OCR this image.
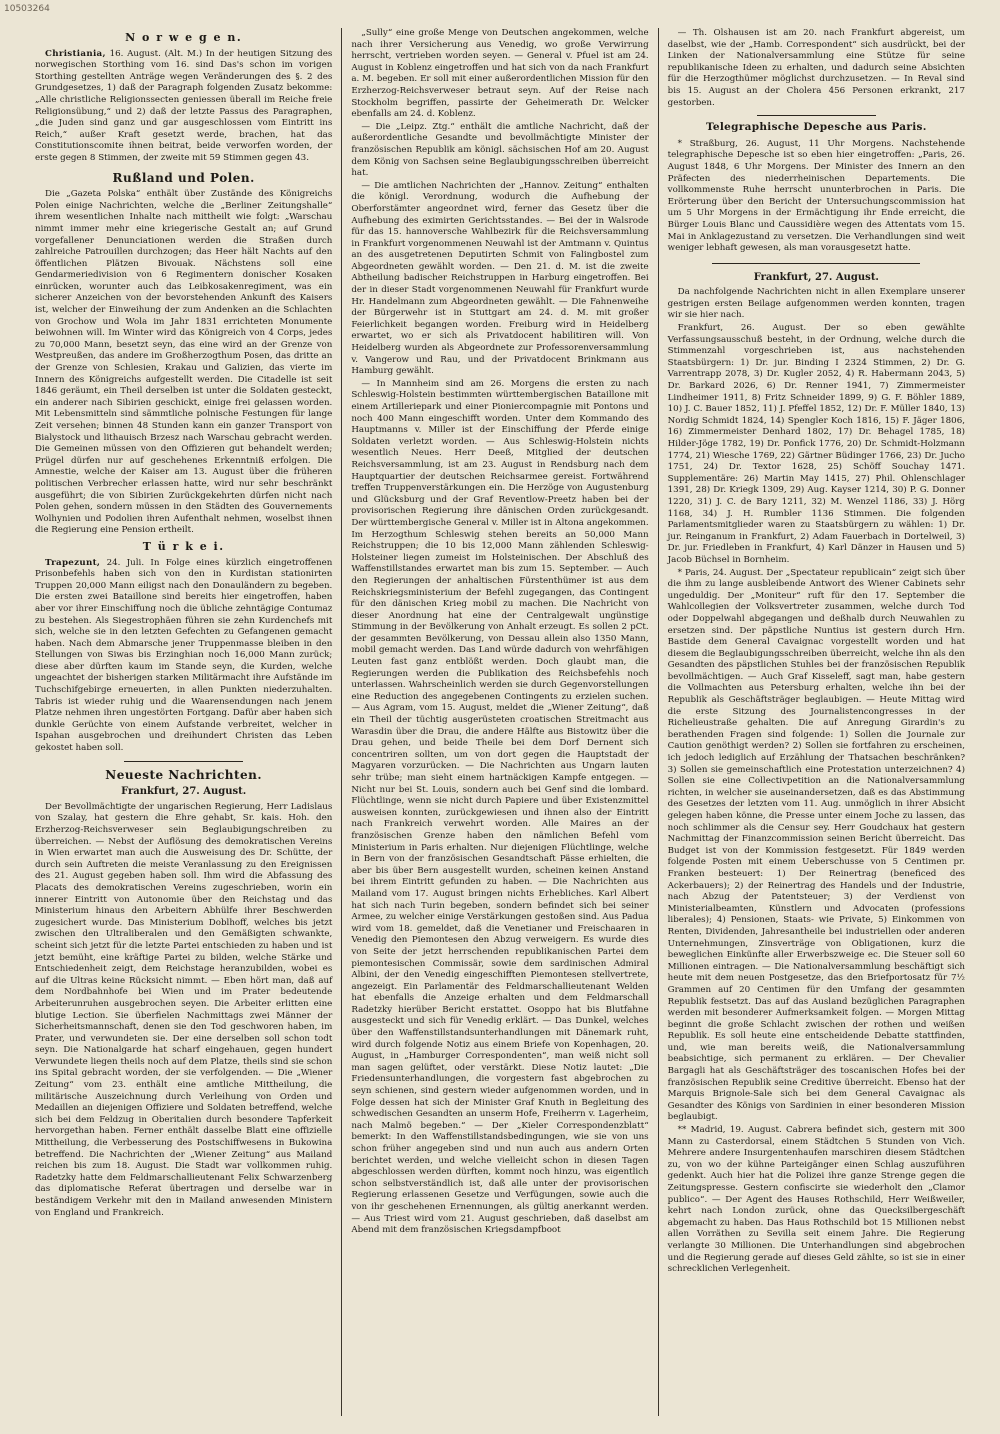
10503264
N o r w e g e n.

Christiania, 16. August. (Alt. M.) In der heutigen Sitzung des norwegischen Storthing vom 16. sind Das's schon im vorigen Storthing gestellten Anträge wegen Veränderungen des §. 2 des Grundgesetzes, 1) daß der Paragraph folgenden Zusatz bekomme: „Alle christliche Religionssecten geniessen überall im Reiche freie Religionsübung,“ und 2) daß der letzte Passus des Paragraphen, „die Juden sind ganz und gar ausgeschlossen vom Eintritt ins Reich,“ außer Kraft gesetzt werde, brachen, hat das Constitutionscomite ihnen beitrat, beide verworfen worden, der erste gegen 8 Stimmen, der zweite mit 59 Stimmen gegen 43.

Rußland und Polen.

Die „Gazeta Polska“ enthält über Zustände des Königreichs Polen einige Nachrichten, welche die „Berliner Zeitungshalle“ ihrem wesentlichen Inhalte nach mittheilt wie folgt: „Warschau nimmt immer mehr eine kriegerische Gestalt an; auf Grund vorgefallener Denunciationen werden die Straßen durch zahlreiche Patrouillen durchzogen; das Heer hält Nachts auf den öffentlichen Plätzen Bivouak. Nächstens soll eine Gendarmeriedivision von 6 Regimentern donischer Kosaken einrücken, worunter auch das Leibkosakenregiment, was ein sicherer Anzeichen von der bevorstehenden Ankunft des Kaisers ist, welcher der Einweihung der zum Andenken an die Schlachten von Grochow und Wola im Jahr 1831 errichteten Monumente beiwohnen will. Im Winter wird das Königreich von 4 Corps, jedes zu 70,000 Mann, besetzt seyn, das eine wird an der Grenze von Westpreußen, das andere im Großherzogthum Posen, das dritte an der Grenze von Schlesien, Krakau und Galizien, das vierte im Innern des Königreichs aufgestellt werden. Die Citadelle ist seit 1846 geräumt, ein Theil derselben ist unter die Soldaten gesteckt, ein anderer nach Sibirien geschickt, einige frei gelassen worden. Mit Lebensmitteln sind sämmtliche polnische Festungen für lange Zeit versehen; binnen 48 Stunden kann ein ganzer Transport von Bialystock und lithauisch Brzesz nach Warschau gebracht werden. Die Gemeinen müssen von den Offizieren gut behandelt werden; Prügel dürfen nur auf geschehenes Erkenntniß erfolgen. Die Amnestie, welche der Kaiser am 13. August über die früheren politischen Verbrecher erlassen hatte, wird nur sehr beschränkt ausgeführt; die von Sibirien Zurückgekehrten dürfen nicht nach Polen gehen, sondern müssen in den Städten des Gouvernements Wolhynien und Podolien ihren Aufenthalt nehmen, woselbst ihnen die Regierung eine Pension ertheilt.

T ü r k e i.

Trapezunt, 24. Juli. In Folge eines kürzlich eingetroffenen Prisonbefehls haben sich von den in Kurdistan stationirten Truppen 20,000 Mann eiligst nach den Donauländern zu begeben. Die ersten zwei Bataillone sind bereits hier eingetroffen, haben aber vor ihrer Einschiffung noch die übliche zehntägige Contumaz zu bestehen. Als Siegestrophäen führen sie zehn Kurdenchefs mit sich, welche sie in den letzten Gefechten zu Gefangenen gemacht haben. Nach dem Abmarsche jener Truppenmasse bleiben in den Stellungen von Siwas bis Erzinghian noch 16,000 Mann zurück; diese aber dürften kaum im Stande seyn, die Kurden, welche ungeachtet der bisherigen starken Militärmacht ihre Aufstände im Tuchschifgebirge erneuerten, in allen Punkten niederzuhalten. Tabris ist wieder ruhig und die Waarensendungen nach jenem Platze nehmen ihren ungestörten Fortgang. Dafür aber haben sich dunkle Gerüchte von einem Aufstande verbreitet, welcher in Ispahan ausgebrochen und dreihundert Christen das Leben gekostet haben soll.

Neueste Nachrichten.
Frankfurt, 27. August.

Der Bevollmächtigte der ungarischen Regierung, Herr Ladislaus von Szalay, hat gestern die Ehre gehabt, Sr. kais. Hoh. den Erzherzog-Reichsverweser sein Beglaubigungschreiben zu überreichen. — Nebst der Auflösung des demokratischen Vereins in Wien erwartet man auch die Ausweisung des Dr. Schütte, der durch sein Auftreten die meiste Veranlassung zu den Ereignissen des 21. August gegeben haben soll. Ihm wird die Abfassung des Placats des demokratischen Vereins zugeschrieben, worin ein innerer Eintritt von Autonomie über den Reichstag und das Ministerium hinaus den Arbeitern Abhülfe ihrer Beschwerden zugesichert wurde. Das Ministerium Doblhoff, welches bis jetzt zwischen den Ultraliberalen und den Gemäßigten schwankte, scheint sich jetzt für die letzte Partei entschieden zu haben und ist jetzt bemüht, eine kräftige Partei zu bilden, welche Stärke und Entschiedenheit zeigt, dem Reichstage heranzubilden, wobei es auf die Ultras keine Rücksicht nimmt. — Eben hört man, daß auf dem Nordbahnhofe bei Wien und im Prater bedeutende Arbeiterunruhen ausgebrochen seyen. Die Arbeiter erlitten eine blutige Lection. Sie überfielen Nachmittags zwei Männer der Sicherheitsmannschaft, denen sie den Tod geschworen haben, im Prater, und verwundeten sie. Der eine derselben soll schon todt seyn. Die Nationalgarde hat scharf eingehauen, gegen hundert Verwundete liegen theils noch auf dem Platze, theils sind sie schon ins Spital gebracht worden, der sie verfolgenden. — Die „Wiener Zeitung“ vom 23. enthält eine amtliche Mittheilung, die militärische Auszeichnung durch Verleihung von Orden und Medaillen an diejenigen Offiziere und Soldaten betreffend, welche sich bei dem Feldzug in Oberitalien durch besondere Tapferkeit hervorgethan haben. Ferner enthält dasselbe Blatt eine offizielle Mittheilung, die Verbesserung des Postschiffwesens in Bukowina betreffend. Die Nachrichten der „Wiener Zeitung“ aus Mailand reichen bis zum 18. August. Die Stadt war vollkommen ruhig. Radetzky hatte dem Feldmarschallieutenant Felix Schwarzenberg das diplomatische Referat übertragen und derselbe war in beständigem Verkehr mit den in Mailand anwesenden Ministern von England und Frankreich.

„Sully“ eine große Menge von Deutschen angekommen, welche nach ihrer Versicherung aus Venedig, wo große Verwirrung herrscht, vertrieben worden seyen. — General v. Pfuel ist am 24. August in Koblenz eingetroffen und hat sich von da nach Frankfurt a. M. begeben. Er soll mit einer außerordentlichen Mission für den Erzherzog-Reichsverweser betraut seyn. Auf der Reise nach Stockholm begriffen, passirte der Geheimerath Dr. Welcker ebenfalls am 24. d. Koblenz.

— Die „Leipz. Ztg.“ enthält die amtliche Nachricht, daß der außerordentliche Gesandte und bevollmächtigte Minister der französischen Republik am königl. sächsischen Hof am 20. August dem König von Sachsen seine Beglaubigungsschreiben überreicht hat.

— Die amtlichen Nachrichten der „Hannov. Zeitung“ enthalten die königl. Verordnung, wodurch die Aufhebung der Oberforstämter angeordnet wird, ferner das Gesetz über die Aufhebung des eximirten Gerichtsstandes. — Bei der in Walsrode für das 15. hannoversche Wahlbezirk für die Reichsversammlung in Frankfurt vorgenommenen Neuwahl ist der Amtmann v. Quintus an des ausgetretenen Deputirten Schmit von Falingbostel zum Abgeordneten gewählt worden. — Den 21. d. M. ist die zweite Abtheilung badischer Reichstruppen in Harburg eingetroffen. Bei der in dieser Stadt vorgenommenen Neuwahl für Frankfurt wurde Hr. Handelmann zum Abgeordneten gewählt. — Die Fahnenweihe der Bürgerwehr ist in Stuttgart am 24. d. M. mit großer Feierlichkeit begangen worden. Freiburg wird in Heidelberg erwartet, wo er sich als Privatdocent habilitiren will. Von Heidelberg wurden als Abgeordnete zur Professorenversammlung v. Vangerow und Rau, und der Privatdocent Brinkmann aus Hamburg gewählt.

— In Mannheim sind am 26. Morgens die ersten zu nach Schleswig-Holstein bestimmten württembergischen Bataillone mit einem Artilleriepark und einer Pioniercompagnie mit Pontons und noch 400 Mann eingeschifft worden. Unter dem Kommando des Hauptmanns v. Miller ist der Einschiffung der Pferde einige Soldaten verletzt worden. — Aus Schleswig-Holstein nichts wesentlich Neues. Herr Deeß, Mitglied der deutschen Reichsversammlung, ist am 23. August in Rendsburg nach dem Hauptquartier der deutschen Reichsarmee gereist. Fortwährend treffen Truppenverstärkungen ein. Die Herzöge von Augustenburg und Glücksburg und der Graf Reventlow-Preetz haben bei der provisorischen Regierung ihre dänischen Orden zurückgesandt. Der württembergische General v. Miller ist in Altona angekommen. Im Herzogthum Schleswig stehen bereits an 50,000 Mann Reichstruppen; die 10 bis 12,000 Mann zählenden Schleswig-Holsteiner liegen zumeist im Holsteinischen. Der Abschluß des Waffenstillstandes erwartet man bis zum 15. September. — Auch den Regierungen der anhaltischen Fürstenthümer ist aus dem Reichskriegsministerium der Befehl zugegangen, das Contingent für den dänischen Krieg mobil zu machen. Die Nachricht von dieser Anordnung hat eine der Centralgewalt ungünstige Stimmung in der Bevölkerung von Anhalt erzeugt. Es sollen 2 pCt. der gesammten Bevölkerung, von Dessau allein also 1350 Mann, mobil gemacht werden. Das Land würde dadurch von wehrfähigen Leuten fast ganz entblößt werden. Doch glaubt man, die Regierungen werden die Publikation des Reichsbefehls noch unterlassen. Wahrscheinlich werden sie durch Gegenvorstellungen eine Reduction des angegebenen Contingents zu erzielen suchen. — Aus Agram, vom 15. August, meldet die „Wiener Zeitung“, daß ein Theil der tüchtig ausgerüsteten croatischen Streitmacht aus Warasdin über die Drau, die andere Hälfte aus Bistowitz über die Drau gehen, und beide Theile bei dem Dorf Dernent sich concentriren sollten, um von dort gegen die Hauptstadt der Magyaren vorzurücken. — Die Nachrichten aus Ungarn lauten sehr trübe; man sieht einem hartnäckigen Kampfe entgegen. — Nicht nur bei St. Louis, sondern auch bei Genf sind die lombard. Flüchtlinge, wenn sie nicht durch Papiere und über Existenzmittel ausweisen konnten, zurückgewiesen und ihnen also der Eintritt nach Frankreich verwehrt worden. Alle Maires an der französischen Grenze haben den nämlichen Befehl vom Ministerium in Paris erhalten. Nur diejenigen Flüchtlinge, welche in Bern von der französischen Gesandtschaft Pässe erhielten, die aber bis über Bern ausgestellt wurden, scheinen keinen Anstand bei ihrem Eintritt gefunden zu haben. — Die Nachrichten aus Mailand vom 17. August bringen nichts Erhebliches. Karl Albert hat sich nach Turin begeben, sondern befindet sich bei seiner Armee, zu welcher einige Verstärkungen gestoßen sind. Aus Padua wird vom 18. gemeldet, daß die Venetianer und Freischaaren in Venedig den Piemontesen den Abzug verweigern. Es wurde dies von Seite der jetzt herrschenden republikanischen Partei dem piemontesischen Commissär, sowie dem sardinischen Admiral Albini, der den Venedig eingeschifften Piemontesen stellvertrete, angezeigt. Ein Parlamentär des Feldmarschallieutenant Welden hat ebenfalls die Anzeige erhalten und dem Feldmarschall Radetzky hierüber Bericht erstattet. Osoppo hat bis Blutfahne ausgesteckt und sich für Venedig erklärt. — Das Dunkel, welches über den Waffenstillstandsunterhandlungen mit Dänemark ruht, wird durch folgende Notiz aus einem Briefe von Kopenhagen, 20. August, in „Hamburger Correspondenten“, man weiß nicht soll man sagen gelüftet, oder verstärkt. Diese Notiz lautet: „Die Friedensunterhandlungen, die vorgestern fast abgebrochen zu seyn schienen, sind gestern wieder aufgenommen worden, und in Folge dessen hat sich der Minister Graf Knuth in Begleitung des schwedischen Gesandten an unserm Hofe, Freiherrn v. Lagerheim, nach Malmö begeben.“ — Der „Kieler Correspondenzblatt“ bemerkt: In den Waffenstillstandsbedingungen, wie sie von uns schon früher angegeben sind und nun auch aus andern Orten berichtet werden, und welche vielleicht schon in diesen Tagen abgeschlossen werden dürften, kommt noch hinzu, was eigentlich schon selbstverständlich ist, daß alle unter der provisorischen Regierung erlassenen Gesetze und Verfügungen, sowie auch die von ihr geschehenen Ernennungen, als gültig anerkannt werden. — Aus Triest wird vom 21. August geschrieben, daß daselbst am Abend mit dem französischen Kriegsdampfboot

— Th. Olshausen ist am 20. nach Frankfurt abgereist, um daselbst, wie der „Hamb. Correspondent“ sich ausdrückt, bei der Linken der Nationalversammlung eine Stütze für seine republikanische Ideen zu erhalten, und dadurch seine Absichten für die Herzogthümer möglichst durchzusetzen. — In Reval sind bis 15. August an der Cholera 456 Personen erkrankt, 217 gestorben.

Telegraphische Depesche aus Paris.

* Straßburg, 26. August, 11 Uhr Morgens. Nachstehende telegraphische Depesche ist so eben hier eingetroffen: „Paris, 26. August 1848, 6 Uhr Morgens. Der Minister des Innern an den Präfecten des niederrheinischen Departements. Die vollkommenste Ruhe herrscht ununterbrochen in Paris. Die Erörterung über den Bericht der Untersuchungscommission hat um 5 Uhr Morgens in der Ermächtigung ihr Ende erreicht, die Bürger Louis Blanc und Caussidière wegen des Attentats vom 15. Mai in Anklagezustand zu versetzen. Die Verhandlungen sind weit weniger lebhaft gewesen, als man vorausgesetzt hatte.

Frankfurt, 27. August.

Da nachfolgende Nachrichten nicht in allen Exemplare unserer gestrigen ersten Beilage aufgenommen werden konnten, tragen wir sie hier nach.

Frankfurt, 26. August. Der so eben gewählte Verfassungsausschuß besteht, in der Ordnung, welche durch die Stimmenzahl vorgeschrieben ist, aus nachstehenden Staatsbürgern: 1) Dr. jur. Binding I 2324 Stimmen, 2) Dr. G. Varrentrapp 2078, 3) Dr. Kugler 2052, 4) R. Habermann 2043, 5) Dr. Barkard 2026, 6) Dr. Renner 1941, 7) Zimmermeister Lindheimer 1911, 8) Fritz Schneider 1899, 9) G. F. Böhler 1889, 10) J. C. Bauer 1852, 11) J. Pfeffel 1852, 12) Dr. F. Müller 1840, 13) Nordig Schmidt 1824, 14) Spengler Koch 1816, 15) F. Jäger 1806, 16) Zimmermeister Denhard 1802, 17) Dr. Behagel 1785, 18) Hilder-Jöge 1782, 19) Dr. Ponfick 1776, 20) Dr. Schmidt-Holzmann 1774, 21) Wiesche 1769, 22) Gärtner Büdinger 1766, 23) Dr. Jucho 1751, 24) Dr. Textor 1628, 25) Schöff Souchay 1471. Supplementäre: 26) Martin May 1415, 27) Phil. Ohlenschlager 1391, 28) Dr. Kriegk 1309, 29) Aug. Kayser 1214, 30) P. G. Donner 1220, 31) J. C. de Bary 1211, 32) M. Wenzel 1186, 33) J. Hörg 1168, 34) J. H. Rumbler 1136 Stimmen. Die folgenden Parlamentsmitglieder waren zu Staatsbürgern zu wählen: 1) Dr. jur. Reinganum in Frankfurt, 2) Adam Fauerbach in Dortelweil, 3) Dr. jur. Friedleben in Frankfurt, 4) Karl Dänzer in Hausen und 5) Jacob Büchsel in Bornheim.

* Paris, 24. August. Der „Spectateur republicain“ zeigt sich über die ihm zu lange ausbleibende Antwort des Wiener Cabinets sehr ungeduldig. Der „Moniteur“ ruft für den 17. September die Wahlcollegien der Volksvertreter zusammen, welche durch Tod oder Doppelwahl abgegangen und deßhalb durch Neuwahlen zu ersetzen sind. Der päpstliche Nuntius ist gestern durch Hrn. Bastide dem General Cavaignac vorgestellt worden und hat diesem die Beglaubigungsschreiben überreicht, welche ihn als den Gesandten des päpstlichen Stuhles bei der französischen Republik bevollmächtigen. — Auch Graf Kisseleff, sagt man, habe gestern die Vollmachten aus Petersburg erhalten, welche ihn bei der Republik als Geschäftsträger beglaubigen. — Heute Mittag wird die erste Sitzung des Journalistencongresses in der Richelieustraße gehalten. Die auf Anregung Girardin's zu berathenden Fragen sind folgende: 1) Sollen die Journale zur Caution genöthigt werden? 2) Sollen sie fortfahren zu erscheinen, ich jedoch lediglich auf Erzählung der Thatsachen beschränken? 3) Sollen sie gemeinschaftlich eine Protestation unterzeichnen? 4) Sollen sie eine Collectivpetition an die Nationalversammlung richten, in welcher sie auseinandersetzen, daß es das Abstimmung des Gesetzes der letzten vom 11. Aug. unmöglich in ihrer Absicht gelegen haben könne, die Presse unter einem Joche zu lassen, das noch schlimmer als die Censur sey. Herr Goudchaux hat gestern Nachmittag der Finanzcommission seinen Bericht überreicht. Das Budget ist von der Kommission festgesetzt. Für 1849 werden folgende Posten mit einem Ueberschusse von 5 Centimen pr. Franken besteuert: 1) Der Reinertrag (beneficed des Ackerbauers); 2) der Reinertrag des Handels und der Industrie, nach Abzug der Patentsteuer; 3) der Verdienst von Ministerialbeamten, Künstlern und Advocaten (professions liberales); 4) Pensionen, Staats- wie Private, 5) Einkommen von Renten, Dividenden, Jahresantheile bei industriellen oder anderen Unternehmungen, Zinsverträge von Obligationen, kurz die beweglichen Einkünfte aller Erwerbszweige ec. Die Steuer soll 60 Millionen eintragen. — Die Nationalversammlung beschäftigt sich heute mit dem neuen Postgesetze, das den Briefportosatz für 7½ Grammen auf 20 Centimen für den Umfang der gesammten Republik festsetzt. Das auf das Ausland bezüglichen Paragraphen werden mit besonderer Aufmerksamkeit folgen. — Morgen Mittag beginnt die große Schlacht zwischen der rothen und weißen Republik. Es soll heute eine entscheidende Debatte stattfinden, und, wie man bereits weiß, die Nationalversammlung beabsichtige, sich permanent zu erklären. — Der Chevalier Bargagli hat als Geschäftsträger des toscanischen Hofes bei der französischen Republik seine Creditive überreicht. Ebenso hat der Marquis Brignole-Sale sich bei dem General Cavaignac als Gesandter des Königs von Sardinien in einer besonderen Mission beglaubigt.

** Madrid, 19. August. Cabrera befindet sich, gestern mit 300 Mann zu Casterdorsal, einem Städtchen 5 Stunden von Vich. Mehrere andere Insurgentenhaufen marschiren diesem Städtchen zu, von wo der kühne Parteigänger einen Schlag auszuführen gedenkt. Auch hier hat die Polizei ihre ganze Strenge gegen die Zeitungspresse. Gestern confiscirte sie wiederholt den „Clamor publico“. — Der Agent des Hauses Rothschild, Herr Weißweiler, kehrt nach London zurück, ohne das Quecksilbergeschäft abgemacht zu haben. Das Haus Rothschild bot 15 Millionen nebst allen Vorräthen zu Sevilla seit einem Jahre. Die Regierung verlangte 30 Millionen. Die Unterhandlungen sind abgebrochen und die Regierung gerade auf dieses Geld zählte, so ist sie in einer schrecklichen Verlegenheit.
